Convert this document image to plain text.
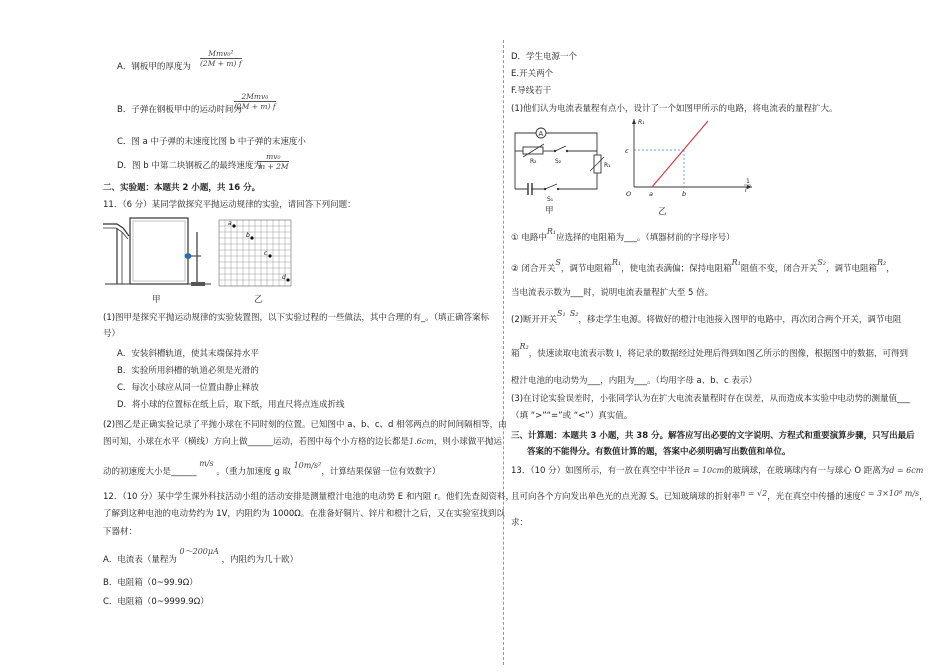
A．钢板甲的厚度为
Mmv₀²
(2M + m) f
B．子弹在钢板甲中的运动时间为
2Mmv₀
(2M + m) f
C．图 a 中子弹的末速度比图 b 中子弹的末速度小
D．图 b 中第二块钢板乙的最终速度为
$\frac{\text{mv₀}}{m + 2M}$
二、实验题：本题共 2 小题，共 16 分。
11．（6 分）某同学做探究平抛运动规律的实验，请回答下列问题：
甲
a
b
c
d
乙
(1)图甲是探究平抛运动规律的实验装置图，以下实验过程的一些做法，其中合理的有_。（填正确答案标
号）
A．安装斜槽轨道，使其末端保持水平
B．实验所用斜槽的轨道必须是光滑的
C．每次小球应从同一位置由静止释放
D．将小球的位置标在纸上后，取下纸，用直尺将点连成折线
(2)图乙是正确实验记录了平抛小球在不同时刻的位置。已知图中 a、b、c、d 相邻两点的时间间隔相等，由
图可知，小球在水平（横线）方向上做______运动，若图中每个小方格的边长都是1.6cm，则小球做平抛运
动的初速度大小是______ m/s 。（重力加速度 g 取 10m/s²，计算结果保留一位有效数字）
12．（10 分）某中学生课外科技活动小组的活动安排是测量橙汁电池的电动势 E 和内阻 r。他们先查阅资料，
了解到这种电池的电动势约为 1V，内阻约为 1000Ω。在准备好铜片、锌片和橙汁之后，又在实验室找到以
下器材：
A．电流表（量程为 0～200μA ，内阻约为几十欧）
B．电阻箱（0~99.9Ω）
C．电阻箱（0~9999.9Ω）
D．学生电源一个
E.开关两个
F.导线若干
(1)他们认为电流表量程有点小，设计了一个如图甲所示的电路，将电流表的量程扩大。
A
R₂	S₂
R₁
S₁
甲
R₁
c
O	a	b
1
I
乙
① 电路中R₁应选择的电阻箱为___。（填器材前的字母序号）
② 闭合开关S，调节电阻箱R₁，使电流表满偏；保持电阻箱R₁阻值不变，闭合开关S₂，调节电阻箱R₂，
当电流表示数为___时，说明电流表量程扩大至 5 倍。
(2)断开开关S₁ S₂，移走学生电源。将做好的橙汁电池接入图甲的电路中，再次闭合两个开关，调节电阻
箱R₂，快速读取电流表示数 I，将记录的数据经过处理后得到如图乙所示的图像，根据图中的数据，可得到
橙汁电池的电动势为___，内阻为___。（均用字母 a、b、c 表示）
(3)在讨论实验误差时，小张同学认为在扩大电流表量程时存在误差，从而造成本实验中电动势的测量值___
（填 “>”“=”或 “<”）真实值。
三、计算题：本题共 3 小题，共 38 分。解答应写出必要的文字说明、方程式和重要演算步骤，只写出最后
答案的不能得分。有数值计算的题，答案中必须明确写出数值和单位。
13．（10 分）如图所示，有一放在真空中半径R = 10cm的玻璃球，在玻璃球内有一与球心 O 距离为d = 6cm
且可向各个方向发出单色光的点光源 S。已知玻璃球的折射率n = √2，光在真空中传播的速度c = 3×10⁸ m/s，
求：
